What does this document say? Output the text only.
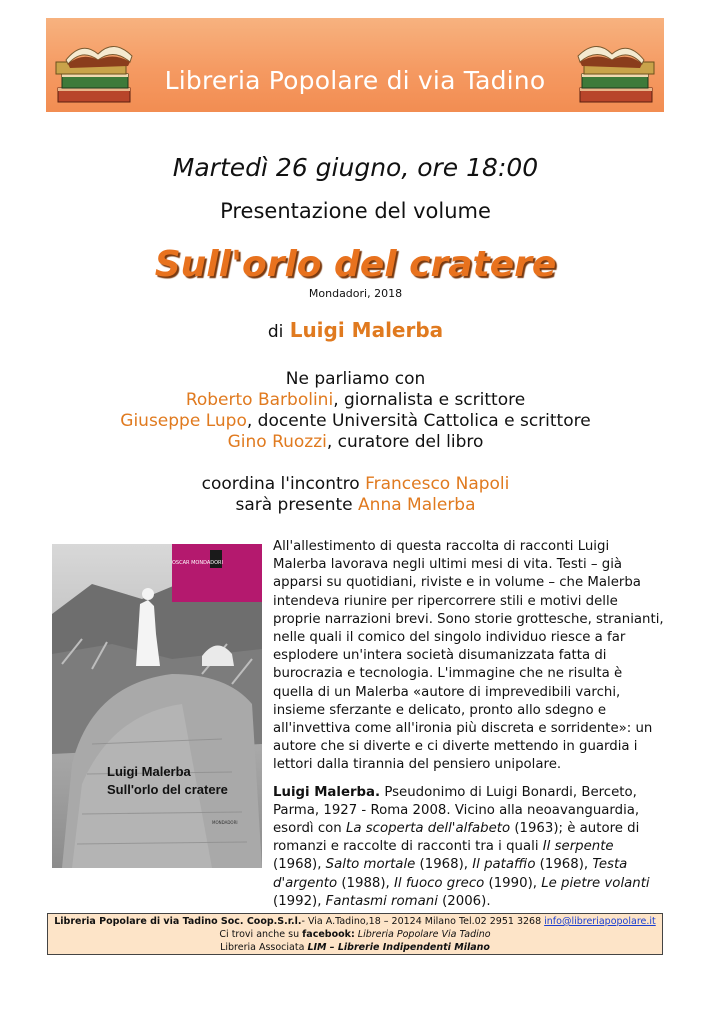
Libreria Popolare di via Tadino
Martedì 26 giugno, ore 18:00
Presentazione del volume
Sull'orlo del cratere
Mondadori, 2018
di Luigi Malerba
Ne parliamo con
Roberto Barbolini, giornalista e scrittore
Giuseppe Lupo, docente Università Cattolica e scrittore
Gino Ruozzi, curatore del libro
coordina l'incontro Francesco Napoli
sarà presente Anna Malerba
OSCAR MONDADORI
Luigi Malerba
Sull'orlo del cratere
MONDADORI

All'allestimento di questa raccolta di racconti Luigi Malerba lavorava negli ultimi mesi di vita. Testi – già apparsi su quotidiani, riviste e in volume – che Malerba intendeva riunire per ripercorrere stili e motivi delle proprie narrazioni brevi. Sono storie grottesche, stranianti, nelle quali il comico del singolo individuo riesce a far esplodere un'intera società disumanizzata fatta di burocrazia e tecnologia. L'immagine che ne risulta è quella di un Malerba «autore di imprevedibili varchi, insieme sferzante e delicato, pronto allo sdegno e all'invettiva come all'ironia più discreta e sorridente»: un autore che si diverte e ci diverte mettendo in guardia i lettori dalla tirannia del pensiero unipolare.

Luigi Malerba. Pseudonimo di Luigi Bonardi, Berceto, Parma, 1927 - Roma 2008. Vicino alla neoavanguardia, esordì con La scoperta dell'alfabeto (1963); è autore di romanzi e raccolte di racconti tra i quali Il serpente (1968), Salto mortale (1968), Il pataffio (1968), Testa d'argento (1988), Il fuoco greco (1990), Le pietre volanti (1992), Fantasmi romani (2006).

Libreria Popolare di via Tadino Soc. Coop.S.r.l.- Via A.Tadino,18 – 20124 Milano Tel.02 2951 3268 info@libreriapopolare.it
Ci trovi anche su facebook: Libreria Popolare Via Tadino
Libreria Associata LIM – Librerie Indipendenti Milano
